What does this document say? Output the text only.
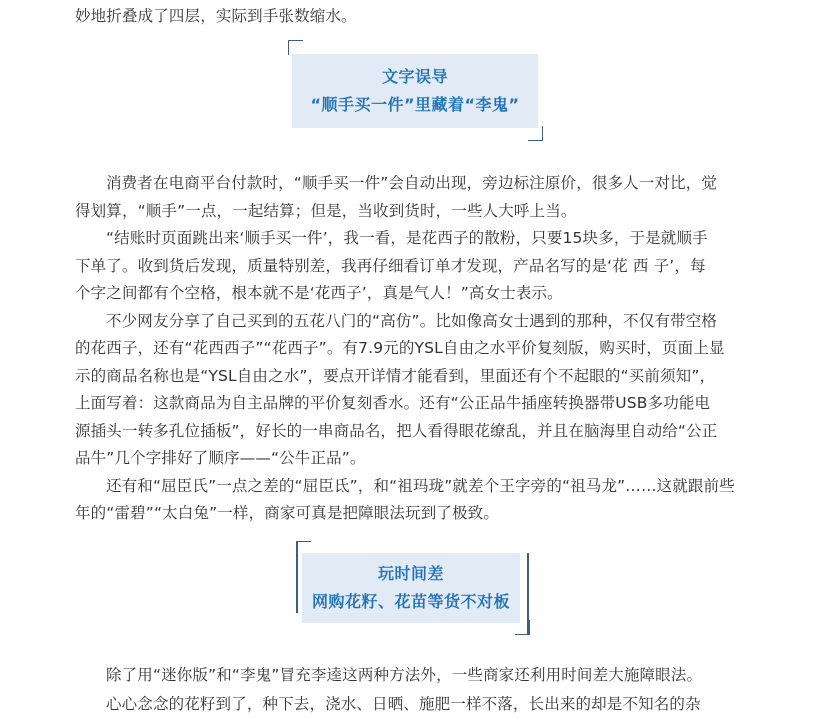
妙地折叠成了四层，实际到手张数缩水。
文字误导
“顺手买一件”里藏着“李鬼”
消费者在电商平台付款时，“顺手买一件”会自动出现，旁边标注原价，很多人一对比，觉
得划算，“顺手”一点，一起结算；但是，当收到货时，一些人大呼上当。
“结账时页面跳出来‘顺手买一件’，我一看，是花西子的散粉，只要15块多，于是就顺手
下单了。收到货后发现，质量特别差，我再仔细看订单才发现，产品名写的是‘花 西 子’，每
个字之间都有个空格，根本就不是‘花西子’，真是气人！”高女士表示。
不少网友分享了自己买到的五花八门的“高仿”。比如像高女士遇到的那种，不仅有带空格
的花西子，还有“花西西子”“花西子”。有7.9元的YSL自由之水平价复刻版，购买时，页面上显
示的商品名称也是“YSL自由之水”，要点开详情才能看到，里面还有个不起眼的“买前须知”，
上面写着：这款商品为自主品牌的平价复刻香水。还有“公正品牛插座转换器带USB多功能电
源插头一转多孔位插板”，好长的一串商品名，把人看得眼花缭乱，并且在脑海里自动给“公正
品牛”几个字排好了顺序——“公牛正品”。
还有和“屈臣氏”一点之差的“屈臣氐”，和“祖玛珑”就差个王字旁的“祖马龙”……这就跟前些
年的“雷碧”“太白兔”一样，商家可真是把障眼法玩到了极致。
玩时间差
网购花籽、花苗等货不对板
除了用“迷你版”和“李鬼”冒充李逵这两种方法外，一些商家还利用时间差大施障眼法。
心心念念的花籽到了，种下去，浇水、日晒、施肥一样不落，长出来的却是不知名的杂
